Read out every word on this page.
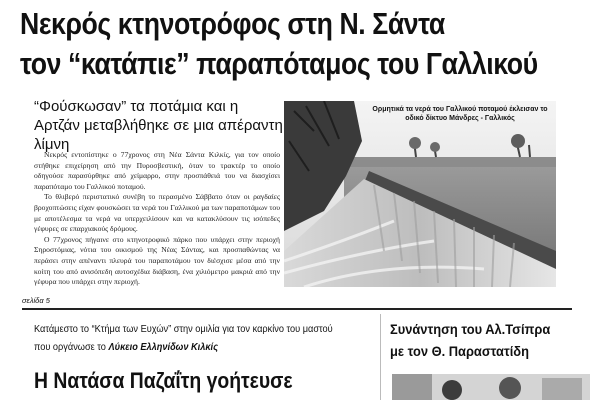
Νεκρός κτηνοτρόφος στη Ν. Σάντα
τον “κατάπιε” παραπόταμος του Γαλλικού
“Φούσκωσαν” τα ποτάμια και η Αρτζάν μεταβλήθηκε σε μια απέραντη λίμνη

Νεκρός εντοπίστηκε ο 77χρονος στη Νέα Σάντα Κιλκίς, για τον οποίο στήθηκε επιχείρηση από την Πυροσβεστική, όταν το τρακτέρ το οποίο οδηγούσε παρασύρθηκε από χείμαρρο, στην προσπάθειά του να διασχίσει παραπόταμο του Γαλλικού ποταμού.

Το θλιβερό περιστατικό συνέβη το περασμένο Σάββατο όταν οι ραγδαίες βροχοπτώσεις είχαν φουσκώσει τα νερά του Γαλλικού μα των παραποτάμων του με αποτέλεσμα τα νερά να υπερχειλίσουν και να κατακλύσουν τις ισόπεδες γέφυρες σε επαρχιακούς δρόμους.

Ο 77χρονος πήγαινε στο κτηνοτροφικό πάρκο που υπάρχει στην περιοχή Σηροστόμιας, νότια του οικισμού της Νέας Σάντας, και προσπαθώντας να περάσει στην απέναντι πλευρά του παραποτάμου τον διέσχισε μέσα από την κοίτη του από ανισόπεδη αυτοσχέδια διάβαση, ένα χιλιόμετρο μακριά από την γέφυρα που υπάρχει στην περιοχή.

Ορμητικά τα νερά του Γαλλικού ποταμού έκλεισαν το οδικό δίκτυο Μάνδρες - Γαλλικός
σελίδα 5
Κατάμεστο το “Κτήμα των Ευχών” στην ομιλία για τον καρκίνο του μαστού που οργάνωσε το Λύκειο Ελληνίδων Κιλκίς
Η Νατάσα Παζαΐτη γοήτευσε
Συνάντηση του Αλ.Τσίπρα
με τον Θ. Παραστατίδη
